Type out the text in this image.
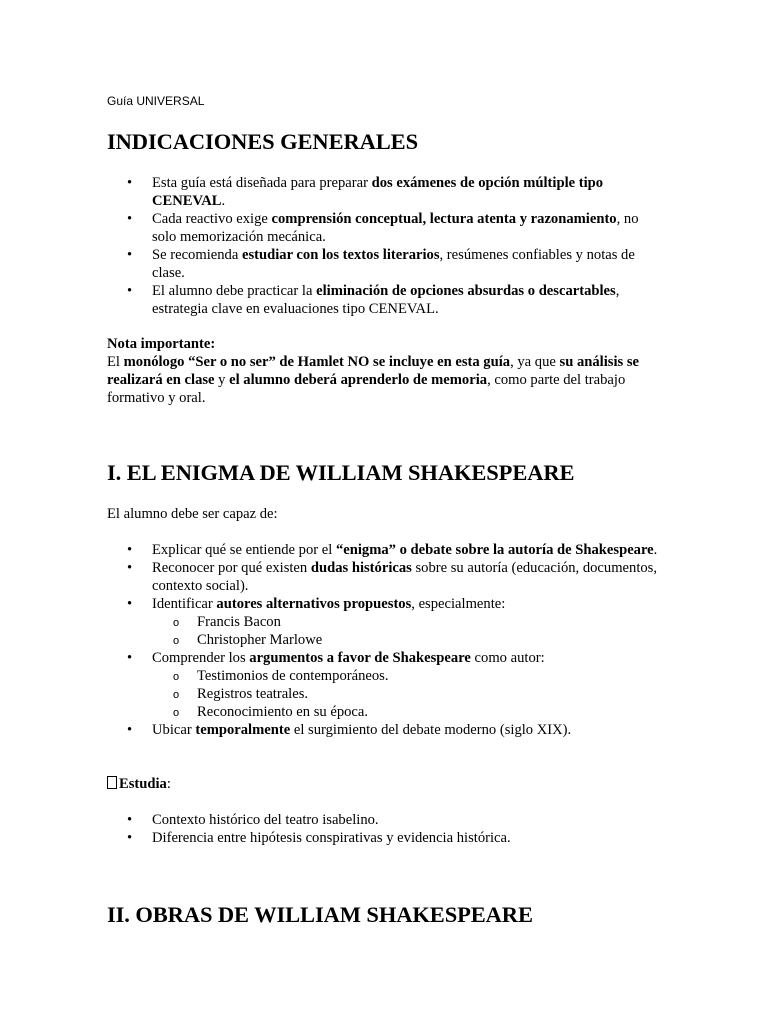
Guía UNIVERSAL
INDICACIONES GENERALES
• Esta guía está diseñada para preparar dos exámenes de opción múltiple tipo CENEVAL.
• Cada reactivo exige comprensión conceptual, lectura atenta y razonamiento, no solo memorización mecánica.
• Se recomienda estudiar con los textos literarios, resúmenes confiables y notas de clase.
• El alumno debe practicar la eliminación de opciones absurdas o descartables, estrategia clave en evaluaciones tipo CENEVAL.

Nota importante:

El monólogo “Ser o no ser” de Hamlet NO se incluye en esta guía, ya que su análisis se realizará en clase y el alumno deberá aprenderlo de memoria, como parte del trabajo formativo y oral.

I. EL ENIGMA DE WILLIAM SHAKESPEARE

El alumno debe ser capaz de:

• Explicar qué se entiende por el “enigma” o debate sobre la autoría de Shakespeare.
• Reconocer por qué existen dudas históricas sobre su autoría (educación, documentos, contexto social).
• Identificar autores alternativos propuestos, especialmente:
o Francis Bacon
o Christopher Marlowe
• Comprender los argumentos a favor de Shakespeare como autor:
o Testimonios de contemporáneos.
o Registros teatrales.
o Reconocimiento en su época.
• Ubicar temporalmente el surgimiento del debate moderno (siglo XIX).

Estudia:

• Contexto histórico del teatro isabelino.
• Diferencia entre hipótesis conspirativas y evidencia histórica.
II. OBRAS DE WILLIAM SHAKESPEARE
